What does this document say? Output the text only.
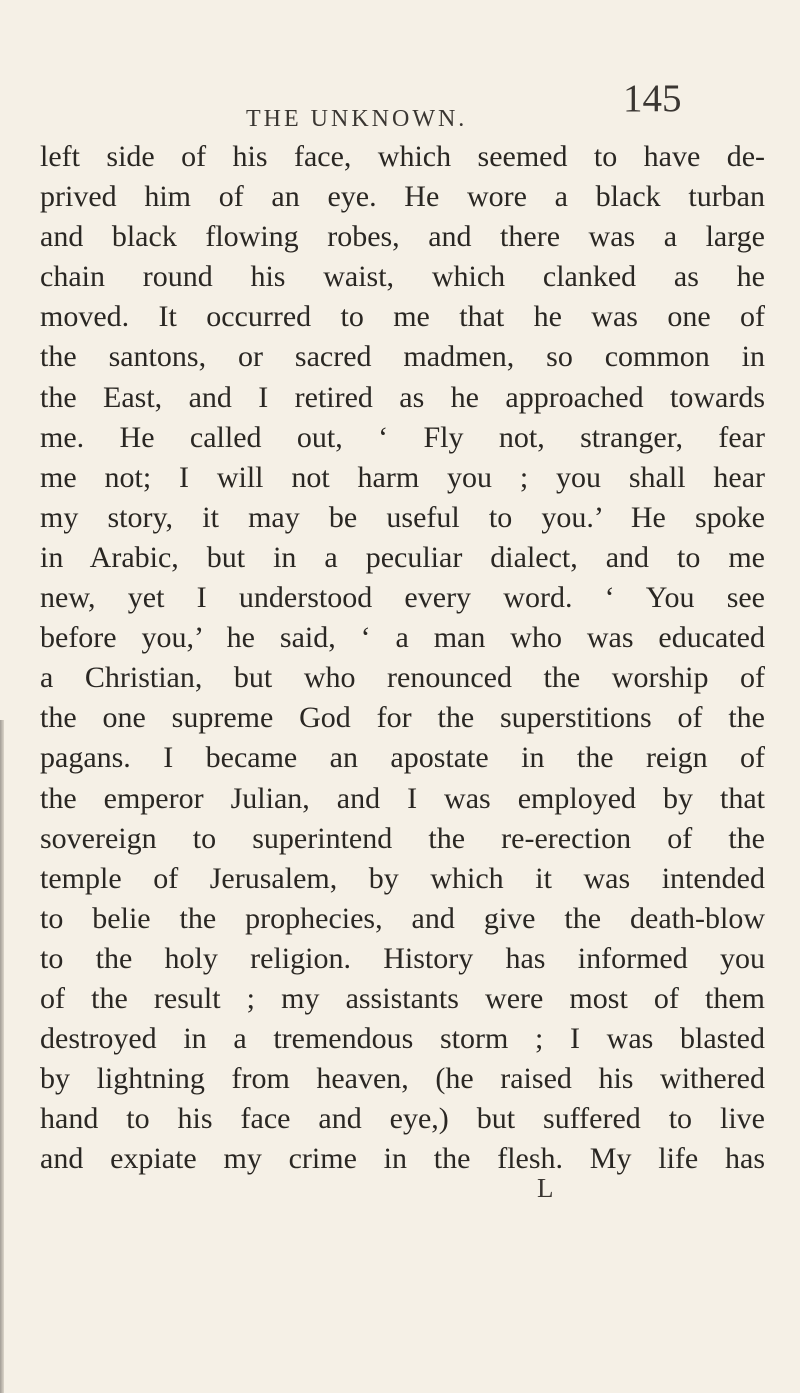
THE UNKNOWN.	145
left side of his face, which seemed to have de-
prived him of an eye. He wore a black turban
and black flowing robes, and there was a large
chain round his waist, which clanked as he
moved. It occurred to me that he was one of
the santons, or sacred madmen, so common in
the East, and I retired as he approached towards
me. He called out, ‘ Fly not, stranger, fear
me not; I will not harm you ; you shall hear
my story, it may be useful to you.’ He spoke
in Arabic, but in a peculiar dialect, and to me
new, yet I understood every word. ‘ You see
before you,’ he said, ‘ a man who was educated
a Christian, but who renounced the worship of
the one supreme God for the superstitions of the
pagans. I became an apostate in the reign of
the emperor Julian, and I was employed by that
sovereign to superintend the re-erection of the
temple of Jerusalem, by which it was intended
to belie the prophecies, and give the death-blow
to the holy religion. History has informed you
of the result ; my assistants were most of them
destroyed in a tremendous storm ; I was blasted
by lightning from heaven, (he raised his withered
hand to his face and eye,) but suffered to live
and expiate my crime in the flesh. My life has
L
